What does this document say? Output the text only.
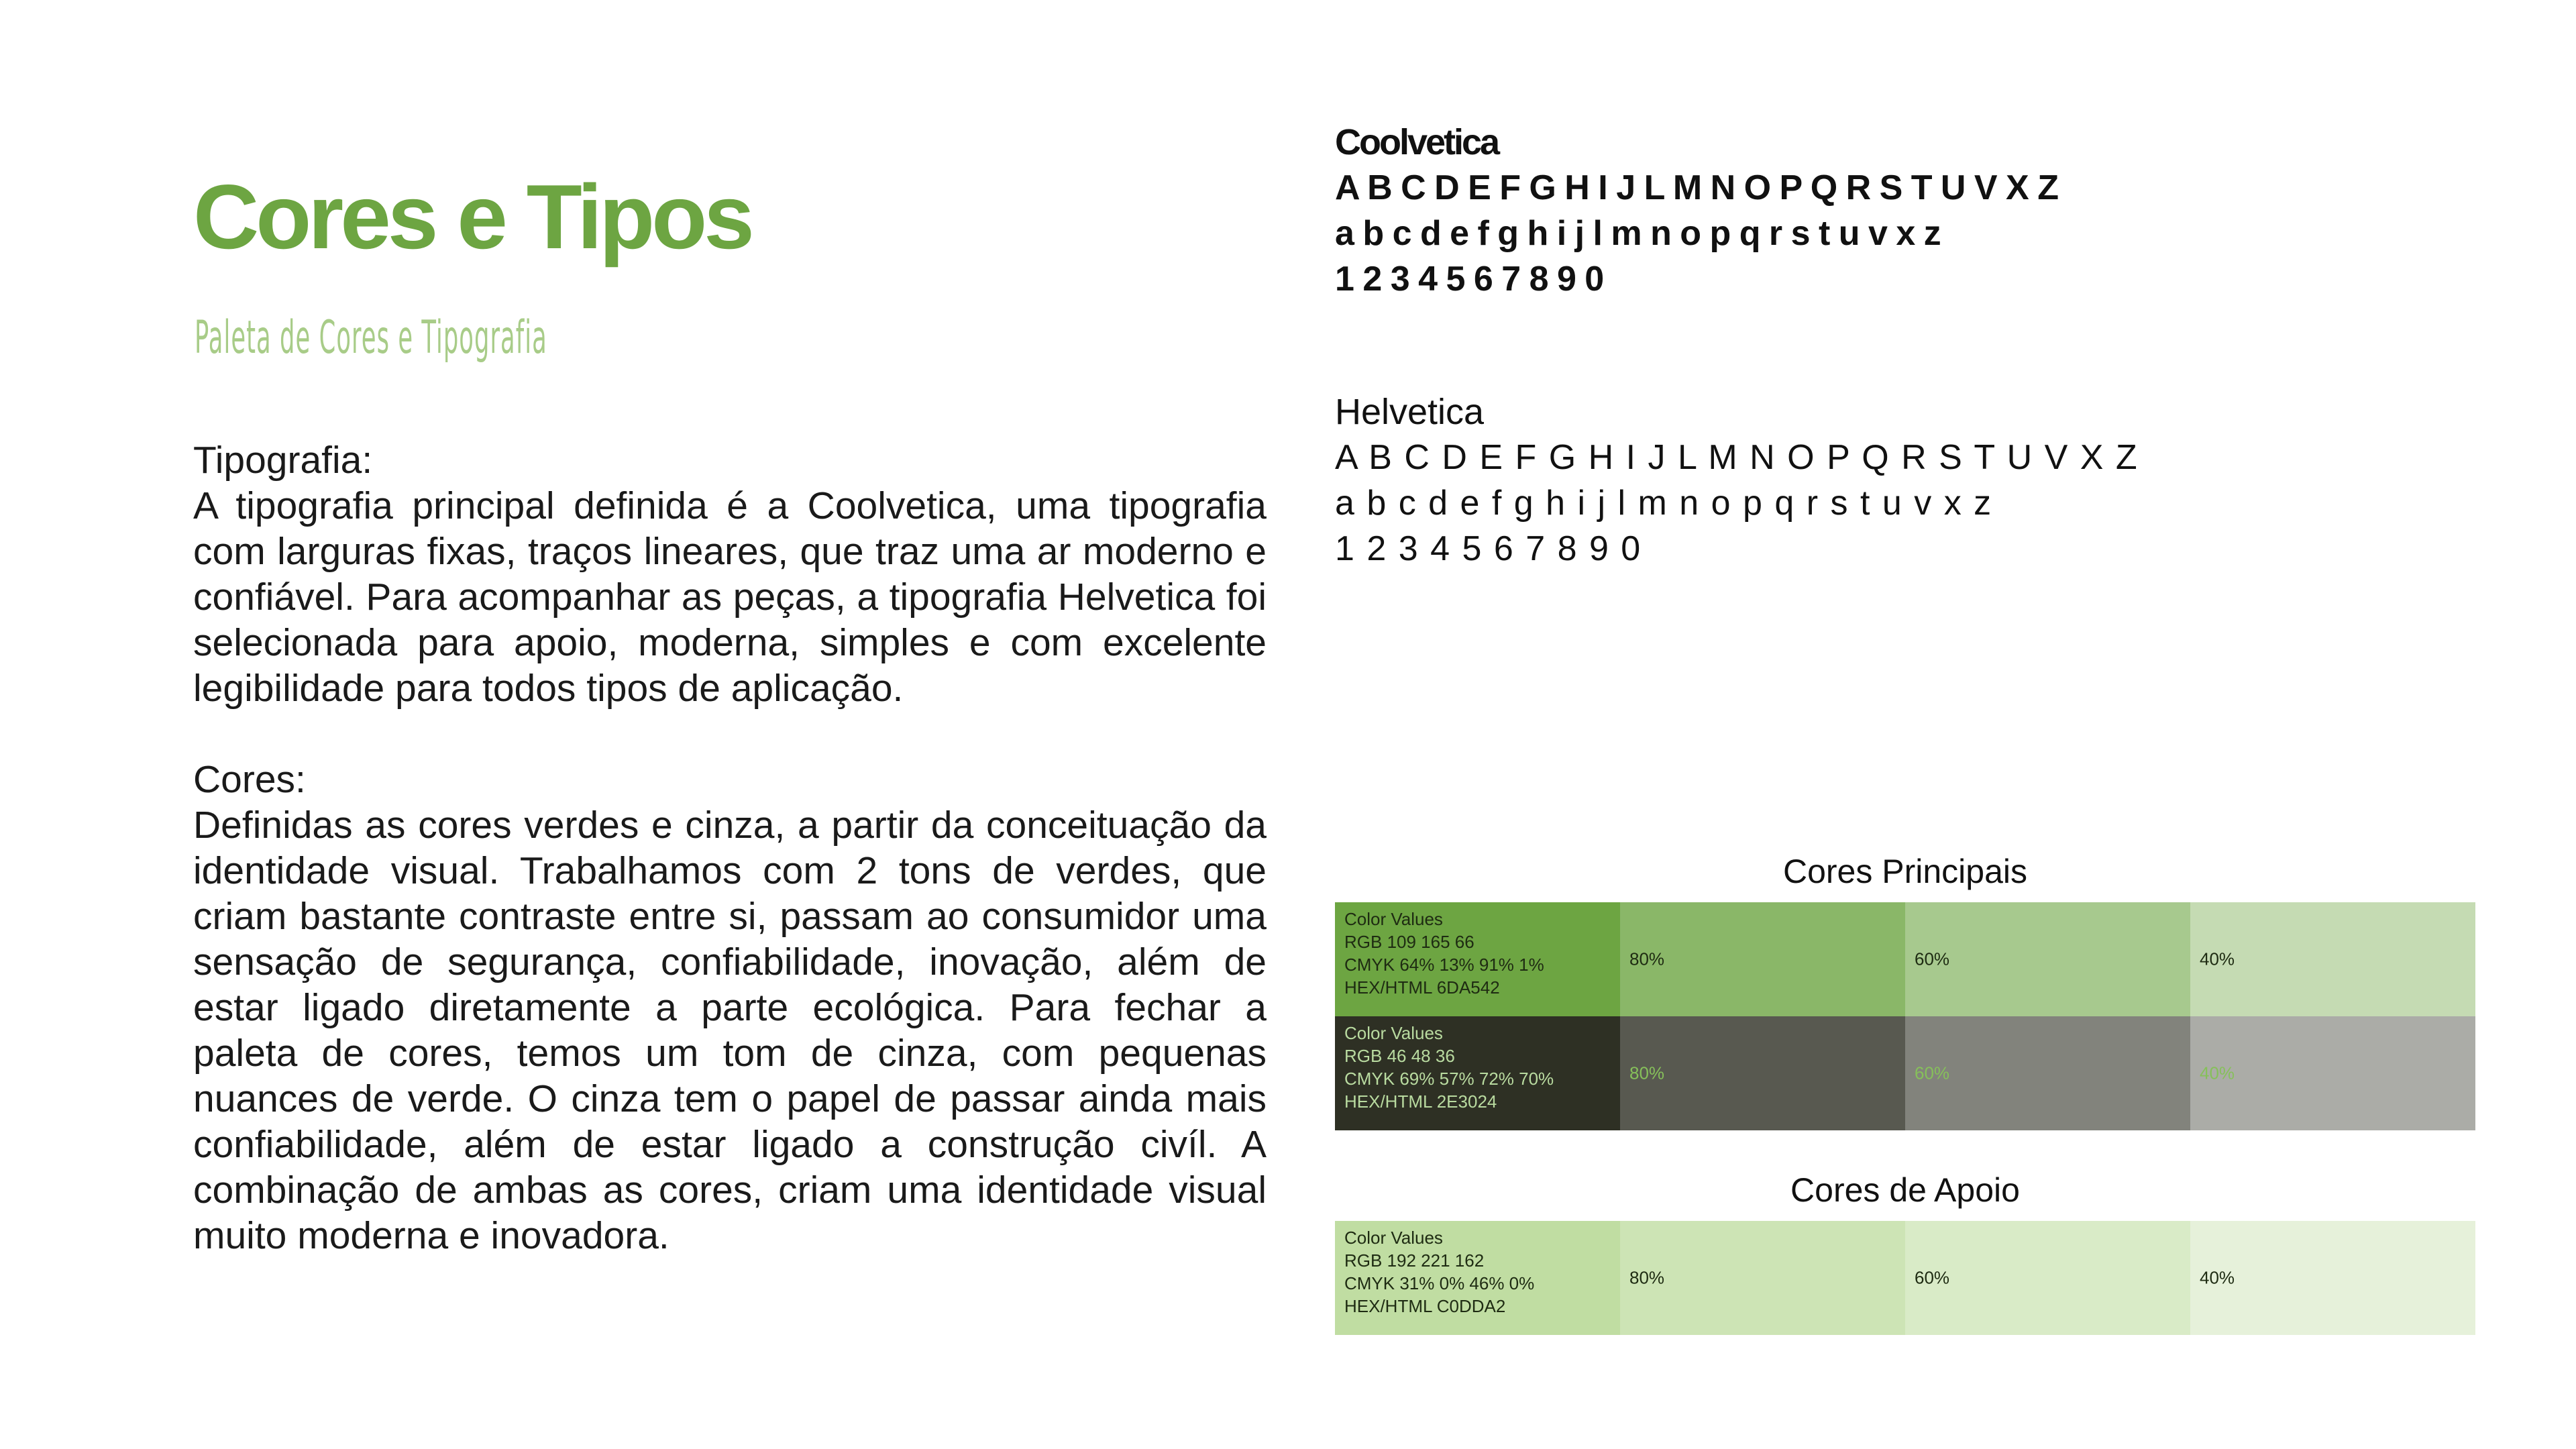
Cores e Tipos
Paleta de Cores e Tipografia

Tipografia:

A tipografia principal definida é a Coolvetica, uma tipografia com larguras fixas, traços lineares, que traz uma ar moderno e confiável. Para acompanhar as peças, a tipografia Helvetica foi selecionada para apoio, moderna, simples e com excelente legibilidade para todos tipos de aplicação.

Cores:

Definidas as cores verdes e cinza, a partir da conceituação da identidade visual. Trabalhamos com 2 tons de verdes, que criam bastante contraste entre si, passam ao consumidor uma sensação de segurança, confiabilidade, inovação, além de estar ligado diretamente a parte ecológica. Para fechar a paleta de cores, temos um tom de cinza, com pequenas nuances de verde. O cinza tem o papel de passar ainda mais confiabilidade, além de estar ligado a construção civíl. A combinação de ambas as cores, criam uma identidade visual muito moderna e inovadora.

Coolvetica
A B C D E F G H I J L M N O P Q R S T U V X Z
a b c d e f g h i j l m n o p q r s t u v x z
1 2 3 4 5 6 7 8 9 0
Helvetica
A B C D E F G H I J L M N O P Q R S T U V X Z
a b c d e f g h i j l m n o p q r s t u v x z
1 2 3 4 5 6 7 8 9 0
Cores Principais
Color Values
RGB 109 165 66
CMYK 64% 13% 91% 1%
HEX/HTML 6DA542
80%	60%	40%
Color Values
RGB 46 48 36
CMYK 69% 57% 72% 70%
HEX/HTML 2E3024
80%	60%	40%
Cores de Apoio
Color Values
RGB 192 221 162
CMYK 31% 0% 46% 0%
HEX/HTML C0DDA2
80%	60%	40%
